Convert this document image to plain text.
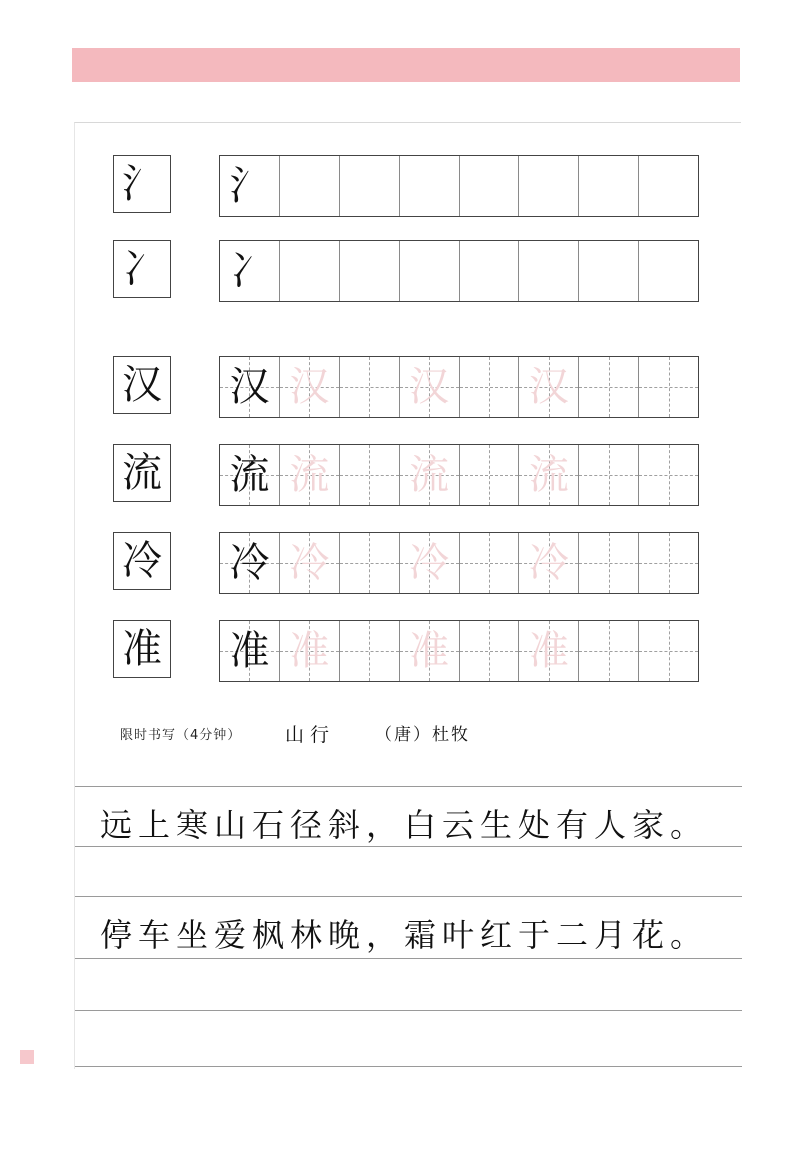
氵 氵
冫 冫
汉 汉 汉 汉 汉
流 流 流 流 流
冷 冷 冷 冷 冷
准 准 准 准 准
限时书写（4分钟） 山行 （唐）杜牧
远上寒山石径斜，白云生处有人家。
停车坐爱枫林晚，霜叶红于二月花。
